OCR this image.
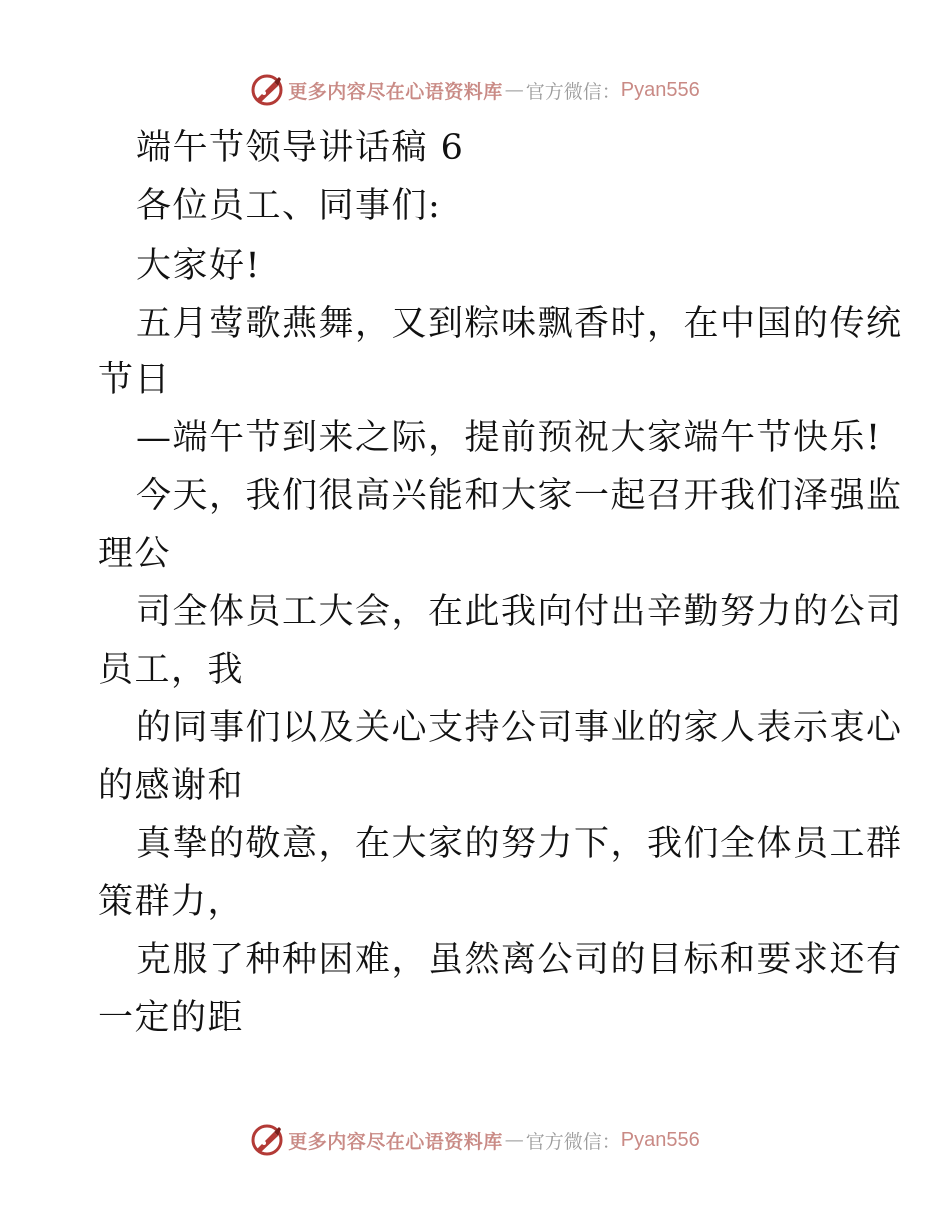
更多内容尽在心语资料库 — 官方微信： Pyan556
端午节领导讲话稿 6
各位员工、同事们:
大家好!
五月莺歌燕舞，又到粽味飘香时，在中国的传统
节日
—端午节到来之际，提前预祝大家端午节快乐!
今天，我们很高兴能和大家一起召开我们泽强监
理公
司全体员工大会，在此我向付出辛勤努力的公司
员工，我
的同事们以及关心支持公司事业的家人表示衷心
的感谢和
真挚的敬意，在大家的努力下，我们全体员工群
策群力，
克服了种种困难，虽然离公司的目标和要求还有
一定的距
更多内容尽在心语资料库 — 官方微信： Pyan556
